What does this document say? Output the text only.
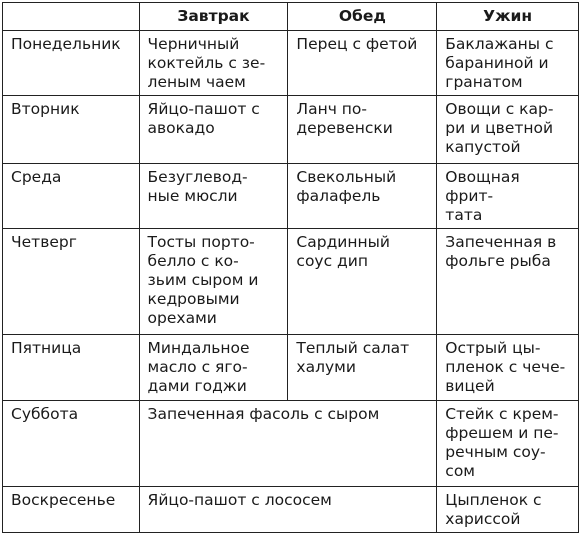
	Завтрак	Обед	Ужин
Понедельник	Черничный коктейль с зе-
леным чаем	Перец с фетой	Баклажаны с бараниной и гранатом
Вторник	Яйцо-пашот с авокадо	Ланч по-
деревенски	Овощи с кар-
ри и цветной капустой
Среда	Безуглевод-
ные мюсли	Свекольный фалафель	Овощная фрит-
тата
Четверг	Тосты порто-
белло с ко-
зьим сыром и кедровыми орехами	Сардинный соус дип	Запеченная в фольге рыба
Пятница	Миндальное масло с яго-
дами годжи	Теплый салат халуми	Острый цы-
пленок с чече-
вицей
Суббота	Запеченная фасоль с сыром		Стейк с крем-
фрешем и пе-
речным соу-
сом
Воскресенье	Яйцо-пашот с лососем		Цыпленок с хариссой
